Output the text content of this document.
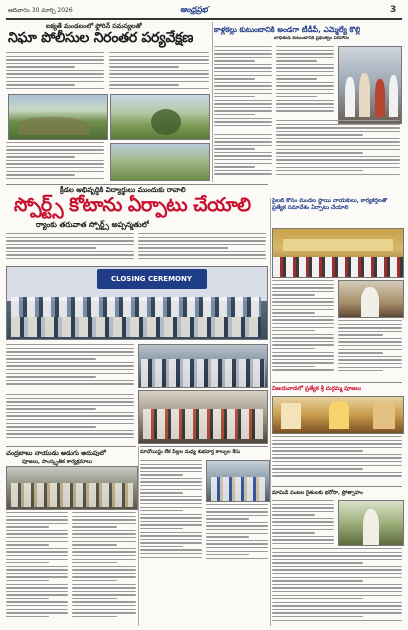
ఆదివారం 30 మార్చి 2026	ఆంధ్రప్రభ	3
ఐక్యతే మండలంలో ఫ్లోరిన్ సమస్యలతో
నిఘా పోలీసుల నిరంతర పర్యవేక్షణ
కాళ్లకల్లు కుటుంబానికి అండగా టీడీపీ, ఎమ్మెల్యే కొల్లి
బాధితుడి కుటుంబానికి ప్రభుత్వం పరిహారం
క్రీడల అభివృద్ధికి విద్యార్థులు ముందుకు రావాలి
స్పోర్ట్స్ కోటాను ఏర్పాటు చేయాలి
ర్యాంకు తరువాత స్పోర్ట్స్ అప్పన్మతులో
CLOSING CEREMONY
పైలట్ కోసం మండల స్థాయి నాయకులు, కార్యకర్తలతో ప్రత్యేక సమావేశం ఏర్పాటు చేయాలి
విజయవాడలో ప్రత్యేక శ్రీ దుర్గమ్మ పూజలు
మావోయిస్టు లేక పిల్లల మధ్య శుభవార్త కాల్పుల కేసు
చంద్రబాబు నాయుడు అడుగు అదుపులో
పూజలు, సాంస్కృతిక కార్యక్రమాలు
మామిడి పంటల రైతులకు భరోసా, ప్రోత్సాహం
